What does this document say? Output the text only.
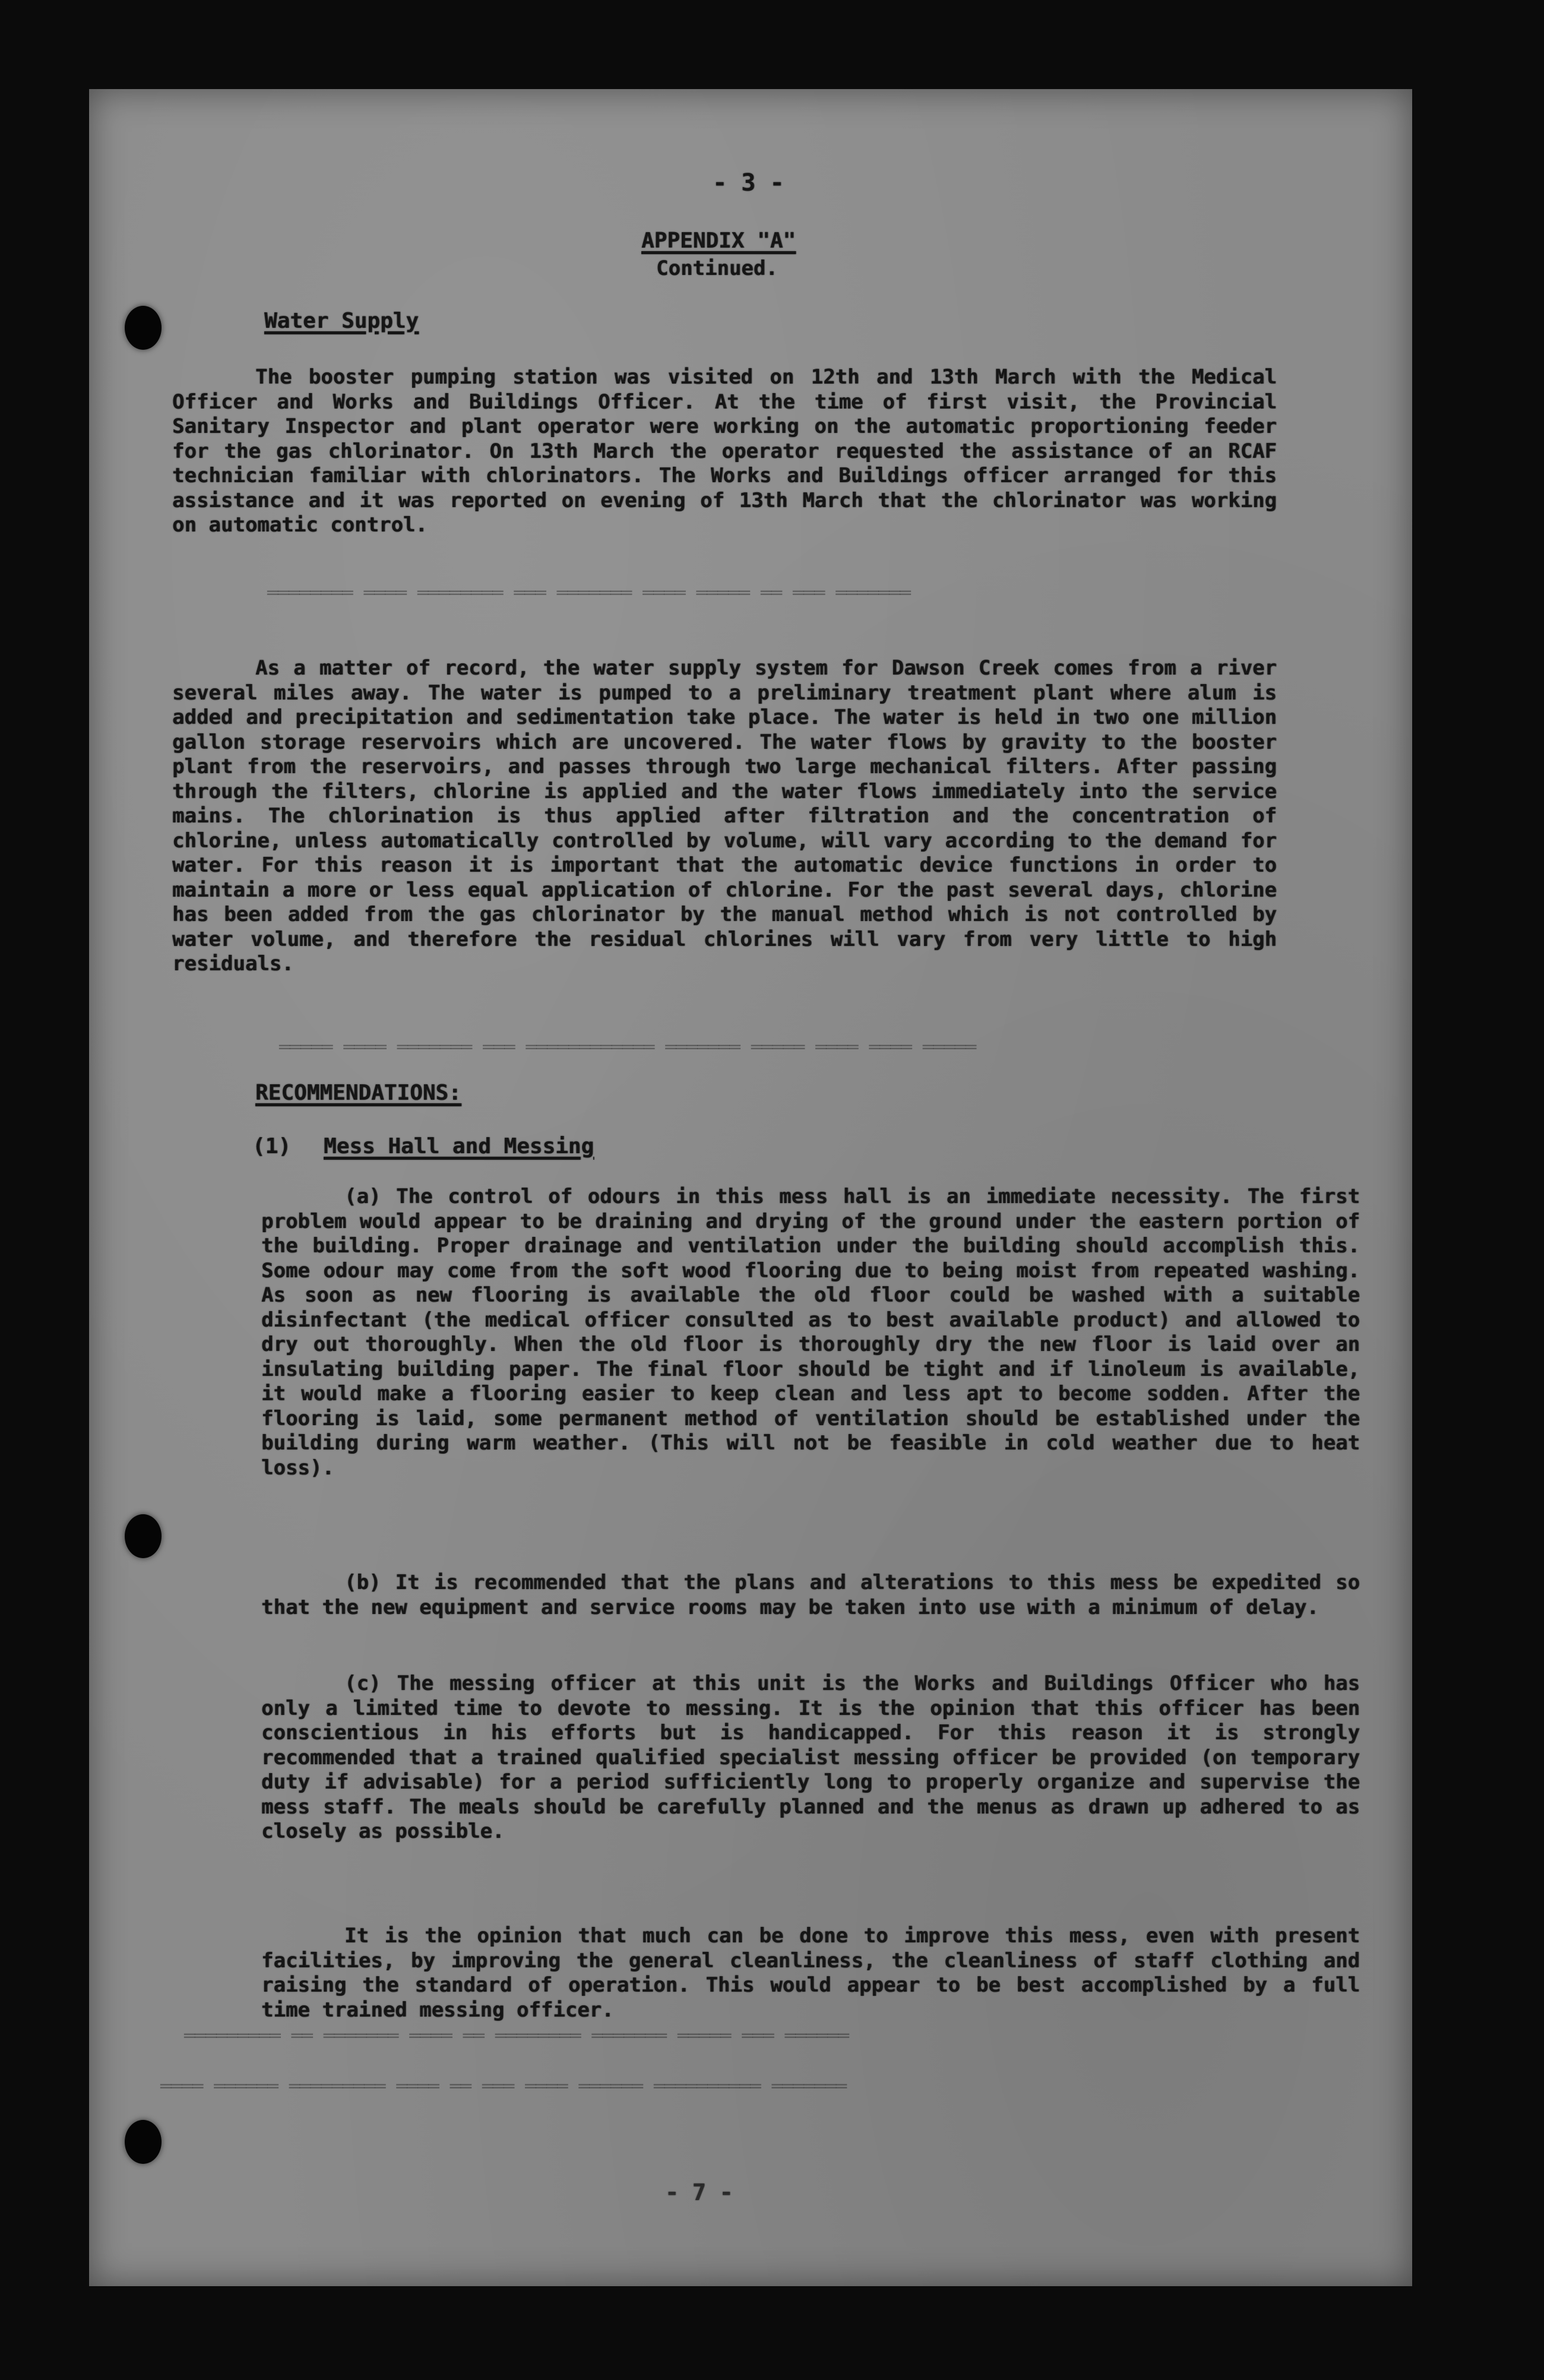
════════ ════ ════════ ═══ ═══════ ════ ═════ ══ ═══ ═══════
═════ ════ ═══════ ═══ ════════════ ═══════ ═════ ════ ════ ═════
═════════ ══ ═══════ ════ ══ ════════ ═══════ ═════ ═══ ══════
════ ══════ ═════════ ════ ══ ═══ ════ ══════ ══════════ ═══════
- 3 -
APPENDIX "A"
Continued.
Water Supply

The booster pumping station was visited on 12th and 13th March with the Medical Officer and Works and Buildings Officer. At the time of first visit, the Provincial Sanitary Inspector and plant operator were working on the automatic proportioning feeder for the gas chlorinator. On 13th March the operator requested the assistance of an RCAF technician familiar with chlorinators. The Works and Buildings officer arranged for this assistance and it was reported on evening of 13th March that the chlorinator was working on automatic control.

As a matter of record, the water supply system for Dawson Creek comes from a river several miles away. The water is pumped to a preliminary treatment plant where alum is added and precipitation and sedimentation take place. The water is held in two one million gallon storage reservoirs which are uncovered. The water flows by gravity to the booster plant from the reservoirs, and passes through two large mechanical filters. After passing through the filters, chlorine is applied and the water flows immediately into the service mains. The chlorination is thus applied after filtration and the concentration of chlorine, unless automatically controlled by volume, will vary according to the demand for water. For this reason it is important that the automatic device functions in order to maintain a more or less equal application of chlorine. For the past several days, chlorine has been added from the gas chlorinator by the manual method which is not controlled by water volume, and therefore the residual chlorines will vary from very little to high residuals.

RECOMMENDATIONS:
(1) Mess Hall and Messing

(a) The control of odours in this mess hall is an immediate necessity. The first problem would appear to be draining and drying of the ground under the eastern portion of the building. Proper drainage and ventilation under the building should accomplish this. Some odour may come from the soft wood flooring due to being moist from repeated washing. As soon as new flooring is available the old floor could be washed with a suitable disinfectant (the medical officer consulted as to best available product) and allowed to dry out thoroughly. When the old floor is thoroughly dry the new floor is laid over an insulating building paper. The final floor should be tight and if linoleum is available, it would make a flooring easier to keep clean and less apt to become sodden. After the flooring is laid, some permanent method of ventilation should be established under the building during warm weather. (This will not be feasible in cold weather due to heat loss).

(b) It is recommended that the plans and alterations to this mess be expedited so that the new equipment and service rooms may be taken into use with a minimum of delay.

(c) The messing officer at this unit is the Works and Buildings Officer who has only a limited time to devote to messing. It is the opinion that this officer has been conscientious in his efforts but is handicapped. For this reason it is strongly recommended that a trained qualified specialist messing officer be provided (on temporary duty if advisable) for a period sufficiently long to properly organize and supervise the mess staff. The meals should be carefully planned and the menus as drawn up adhered to as closely as possible.

It is the opinion that much can be done to improve this mess, even with present facilities, by improving the general cleanliness, the cleanliness of staff clothing and raising the standard of operation. This would appear to be best accomplished by a full time trained messing officer.

- 7 -
